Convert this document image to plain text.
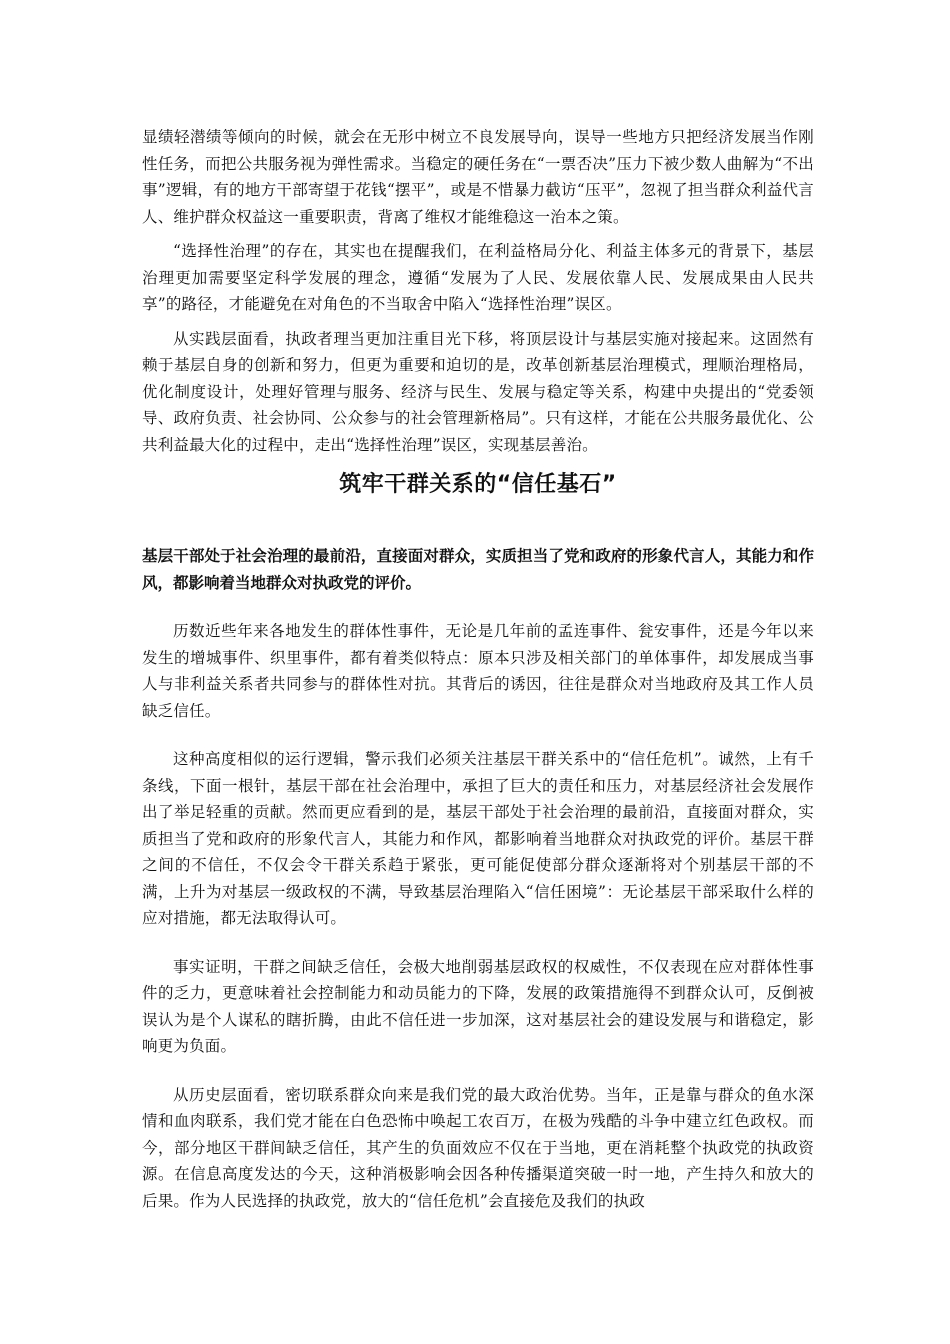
显绩轻潜绩等倾向的时候，就会在无形中树立不良发展导向，误导一些地方只把经济发展当作刚性任务，而把公共服务视为弹性需求。当稳定的硬任务在“一票否决”压力下被少数人曲解为“不出事”逻辑，有的地方干部寄望于花钱“摆平”，或是不惜暴力截访“压平”，忽视了担当群众利益代言人、维护群众权益这一重要职责，背离了维权才能维稳这一治本之策。

“选择性治理”的存在，其实也在提醒我们，在利益格局分化、利益主体多元的背景下，基层治理更加需要坚定科学发展的理念，遵循“发展为了人民、发展依靠人民、发展成果由人民共享”的路径，才能避免在对角色的不当取舍中陷入“选择性治理”误区。

从实践层面看，执政者理当更加注重目光下移，将顶层设计与基层实施对接起来。这固然有赖于基层自身的创新和努力，但更为重要和迫切的是，改革创新基层治理模式，理顺治理格局，优化制度设计，处理好管理与服务、经济与民生、发展与稳定等关系，构建中央提出的“党委领导、政府负责、社会协同、公众参与的社会管理新格局”。只有这样，才能在公共服务最优化、公共利益最大化的过程中，走出“选择性治理”误区，实现基层善治。

筑牢干群关系的“信任基石”

基层干部处于社会治理的最前沿，直接面对群众，实质担当了党和政府的形象代言人，其能力和作风，都影响着当地群众对执政党的评价。

历数近些年来各地发生的群体性事件，无论是几年前的孟连事件、瓮安事件，还是今年以来发生的增城事件、织里事件，都有着类似特点：原本只涉及相关部门的单体事件，却发展成当事人与非利益关系者共同参与的群体性对抗。其背后的诱因，往往是群众对当地政府及其工作人员缺乏信任。

这种高度相似的运行逻辑，警示我们必须关注基层干群关系中的“信任危机”。诚然，上有千条线，下面一根针，基层干部在社会治理中，承担了巨大的责任和压力，对基层经济社会发展作出了举足轻重的贡献。然而更应看到的是，基层干部处于社会治理的最前沿，直接面对群众，实质担当了党和政府的形象代言人，其能力和作风，都影响着当地群众对执政党的评价。基层干群之间的不信任，不仅会令干群关系趋于紧张，更可能促使部分群众逐渐将对个别基层干部的不满，上升为对基层一级政权的不满，导致基层治理陷入“信任困境”：无论基层干部采取什么样的应对措施，都无法取得认可。

事实证明，干群之间缺乏信任，会极大地削弱基层政权的权威性，不仅表现在应对群体性事件的乏力，更意味着社会控制能力和动员能力的下降，发展的政策措施得不到群众认可，反倒被误认为是个人谋私的瞎折腾，由此不信任进一步加深，这对基层社会的建设发展与和谐稳定，影响更为负面。

从历史层面看，密切联系群众向来是我们党的最大政治优势。当年，正是靠与群众的鱼水深情和血肉联系，我们党才能在白色恐怖中唤起工农百万，在极为残酷的斗争中建立红色政权。而今，部分地区干群间缺乏信任，其产生的负面效应不仅在于当地，更在消耗整个执政党的执政资源。在信息高度发达的今天，这种消极影响会因各种传播渠道突破一时一地，产生持久和放大的后果。作为人民选择的执政党，放大的“信任危机”会直接危及我们的执政
